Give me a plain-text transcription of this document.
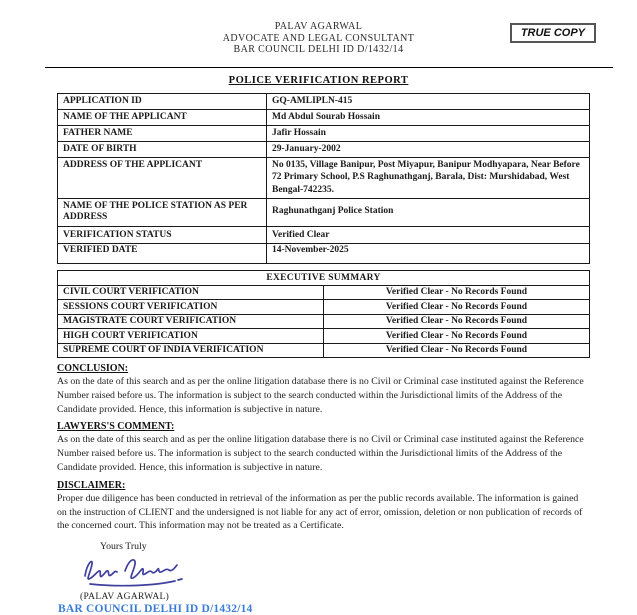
PALAV AGARWAL
ADVOCATE AND LEGAL CONSULTANT
BAR COUNCIL DELHI ID D/1432/14
TRUE COPY
POLICE VERIFICATION REPORT
APPLICATION ID	GQ-AMLIPLN-415
NAME OF THE APPLICANT	Md Abdul Sourab Hossain
FATHER NAME	Jafir Hossain
DATE OF BIRTH	29-January-2002
ADDRESS OF THE APPLICANT	No 0135, Village Banipur, Post Miyapur, Banipur Modhyapara, Near Before 72 Primary School, P.S Raghunathganj, Barala, Dist: Murshidabad, West Bengal-742235.
NAME OF THE POLICE STATION AS PER ADDRESS	Raghunathganj Police Station
VERIFICATION STATUS	Verified Clear
VERIFIED DATE	14-November-2025
EXECUTIVE SUMMARY	
CIVIL COURT VERIFICATION	Verified Clear - No Records Found
SESSIONS COURT VERIFICATION	Verified Clear - No Records Found
MAGISTRATE COURT VERIFICATION	Verified Clear - No Records Found
HIGH COURT VERIFICATION	Verified Clear - No Records Found
SUPREME COURT OF INDIA VERIFICATION	Verified Clear - No Records Found
CONCLUSION:
As on the date of this search and as per the online litigation database there is no Civil or Criminal case instituted against the Reference Number raised before us. The information is subject to the search conducted within the Jurisdictional limits of the Address of the Candidate provided. Hence, this information is subjective in nature.
LAWYERS'S COMMENT:
As on the date of this search and as per the online litigation database there is no Civil or Criminal case instituted against the Reference Number raised before us. The information is subject to the search conducted within the Jurisdictional limits of the Address of the Candidate provided. Hence, this information is subjective in nature.
DISCLAIMER:
Proper due diligence has been conducted in retrieval of the information as per the public records available. The information is gained on the instruction of CLIENT and the undersigned is not liable for any act of error, omission, deletion or non publication of records of the concerned court. This information may not be treated as a Certificate.
Yours Truly
(PALAV AGARWAL)
BAR COUNCIL DELHI ID D/1432/14
